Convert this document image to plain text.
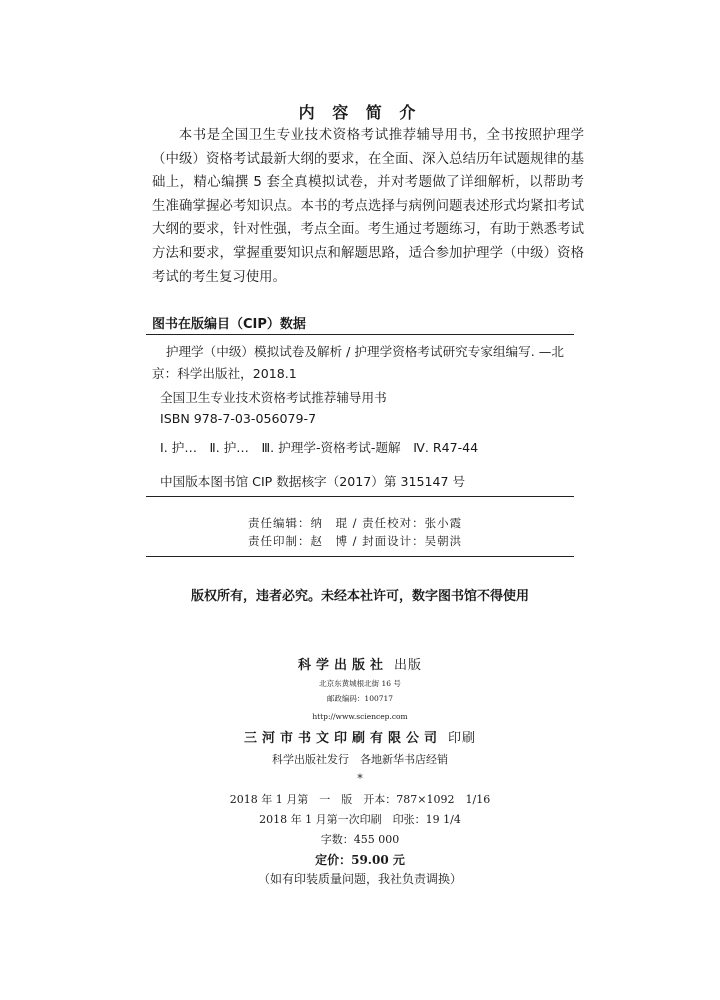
内 容 简 介
本书是全国卫生专业技术资格考试推荐辅导用书，全书按照护理学（中级）资格考试最新大纲的要求，在全面、深入总结历年试题规律的基础上，精心编撰 5 套全真模拟试卷，并对考题做了详细解析，以帮助考生准确掌握必考知识点。本书的考点选择与病例问题表述形式均紧扣考试大纲的要求，针对性强，考点全面。考生通过考题练习，有助于熟悉考试方法和要求，掌握重要知识点和解题思路，适合参加护理学（中级）资格考试的考生复习使用。
图书在版编目（CIP）数据
护理学（中级）模拟试卷及解析 / 护理学资格考试研究专家组编写. —北京：科学出版社，2018.1
全国卫生专业技术资格考试推荐辅导用书
ISBN 978-7-03-056079-7
Ⅰ. 护…　Ⅱ. 护…　Ⅲ. 护理学-资格考试-题解　Ⅳ. R47-44
中国版本图书馆 CIP 数据核字（2017）第 315147 号
责任编辑：纳　琨 / 责任校对：张小霞
责任印制：赵　博 / 封面设计：吴朝洪
版权所有，违者必究。未经本社许可，数字图书馆不得使用
科学出版社 出版
北京东黄城根北街 16 号
邮政编码：100717
http://www.sciencep.com
三河市书文印刷有限公司 印刷
科学出版社发行　各地新华书店经销
*
2018 年 1 月第　一　版　开本：787×1092　1/16
2018 年 1 月第一次印刷　印张：19 1/4
字数：455 000
定价：59.00 元
（如有印装质量问题，我社负责调换）
